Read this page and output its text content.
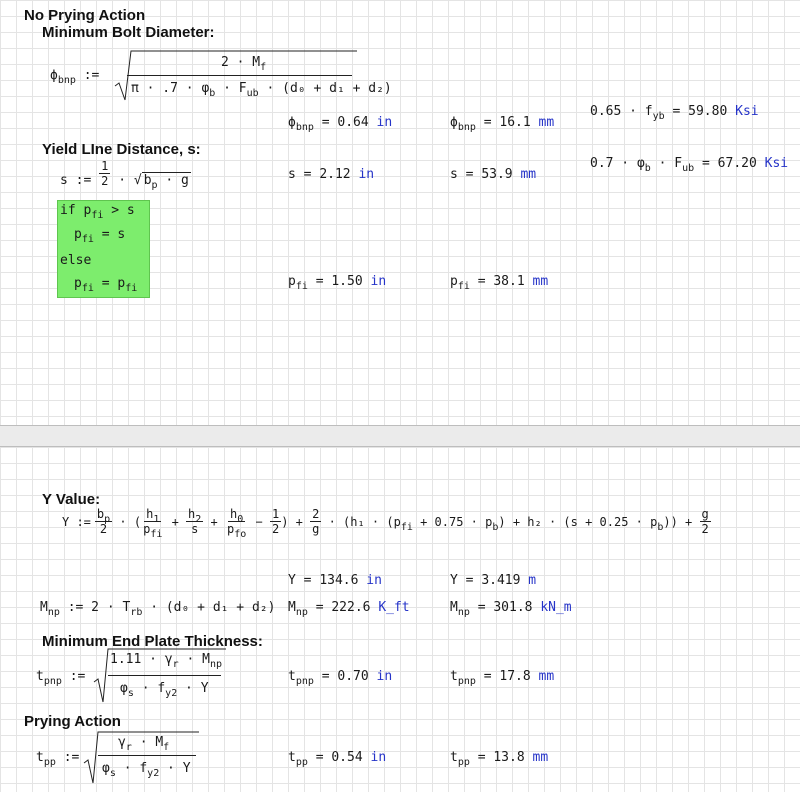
No Prying Action
Minimum Bolt Diameter:
$\phi_{bnp}$ :=
$2 \cdot M_f$
$\pi \cdot .7 \cdot \varphi_b \cdot F_{ub} \cdot (d_0 + d_1 + d_2)$
$0.65 \cdot f_{yb} = 59.80$ Ksi
$\phi_{bnp} = 0.64$ in	$\phi_{bnp} = 16.1$ mm
Yield LIne Distance, s:
s := $\frac{1}{2}$ · √ $b_p \cdot g$
$0.7 \cdot \varphi_b \cdot F_{ub} = 67.20$ Ksi
s = 2.12 in	s = 53.9 mm
if $p_{fi} > s$
$p_{fi} = s$
else
$p_{fi} = p_{fi}$	$p_{fi} = 1.50$ in	$p_{fi} = 38.1$ mm
Y Value:
Y := $\frac{b_p}{2}$ · ( $\frac{h_1}{p_{fi}} + \frac{h_2}{s} + \frac{h_0}{p_{fo}} - \frac{1}{2}$ ) + $\frac{2}{g} \cdot (h_1 \cdot (p_{fi} + 0.75 \cdot p_b) + h_2 \cdot (s + 0.25 \cdot p_b)) + \frac{g}{2}$
Y = 134.6 in	Y = 3.419 m
$M_{np}$ := $2 \cdot T_{rb} \cdot (d_0 + d_1 + d_2) M_{np} = 222.6$ K_ft	$M_{np} = 301.8$ kN_m
Minimum End Plate Thickness:
$t_{pnp}$ :=
$1.11 \cdot \gamma_r \cdot M_{np}$
$\varphi_s \cdot f_{y2} \cdot Y$
$t_{pnp} = 0.70$ in	$t_{pnp} = 17.8$ mm
Prying Action
$t_{pp}$ :=
$\gamma_r \cdot M_f$
$\varphi_s \cdot f_{y2} \cdot Y$
$t_{pp} = 0.54$ in	$t_{pp} = 13.8$ mm
